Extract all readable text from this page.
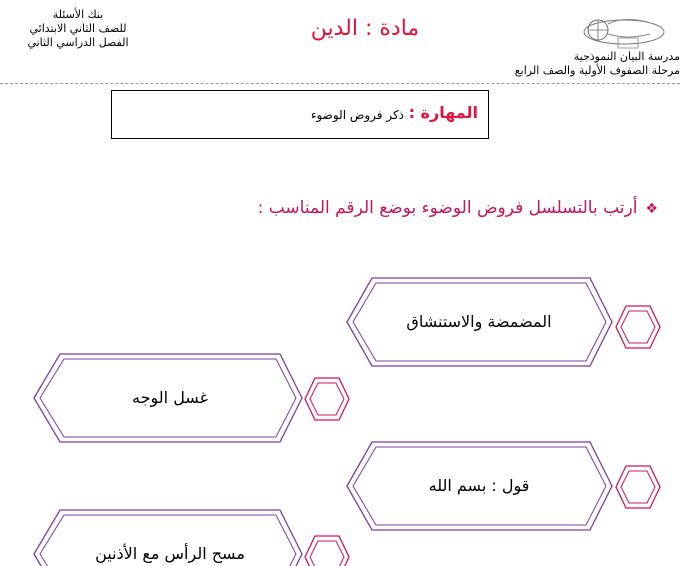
بنك الأسئلة
للصف الثاني الابتدائي
الفصل الدراسي الثاني
مادة : الدين
مدرسة البيان النموذجية
مرحلة الصفوف الأولية والصف الرابع
المهارة :
ذكر فروض الوضوء
❖أرتب بالتسلسل فروض الوضوء بوضع الرقم المناسب :
المضمضة والاستنشاق
غسل الوجه
قول : بسم الله
مسح الرأس مع الأذنين
